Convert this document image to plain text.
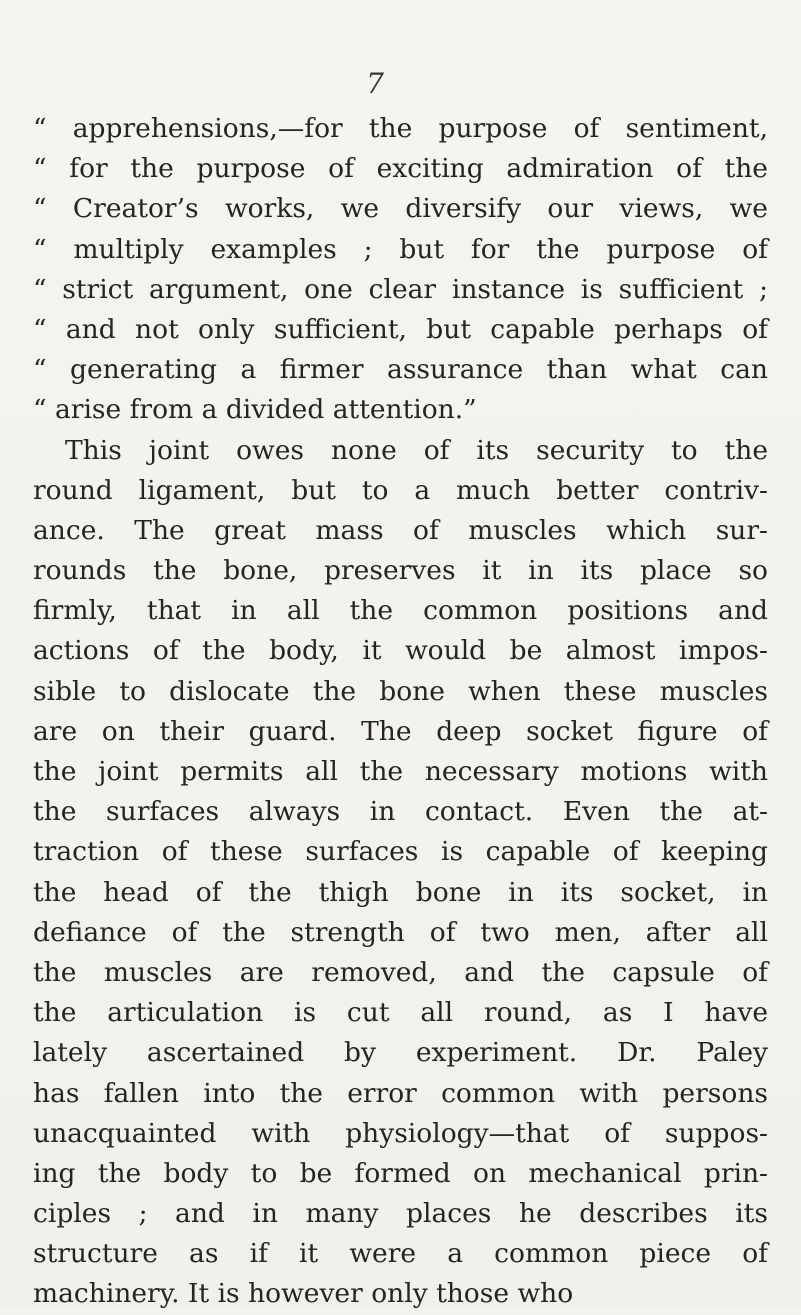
7
“ apprehensions,—for the purpose of sentiment,
“ for the purpose of exciting admiration of the
“ Creator’s works, we diversify our views, we
“ multiply examples ; but for the purpose of
“ strict argument, one clear instance is sufficient ;
“ and not only sufficient, but capable perhaps of
“ generating a firmer assurance than what can
“ arise from a divided attention.”
This joint owes none of its security to the
round ligament, but to a much better contriv-
ance. The great mass of muscles which sur-
rounds the bone, preserves it in its place so
firmly, that in all the common positions and
actions of the body, it would be almost impos-
sible to dislocate the bone when these muscles
are on their guard. The deep socket figure of
the joint permits all the necessary motions with
the surfaces always in contact. Even the at-
traction of these surfaces is capable of keeping
the head of the thigh bone in its socket, in
defiance of the strength of two men, after all
the muscles are removed, and the capsule of
the articulation is cut all round, as I have
lately ascertained by experiment. Dr. Paley
has fallen into the error common with persons
unacquainted with physiology—that of suppos-
ing the body to be formed on mechanical prin-
ciples ; and in many places he describes its
structure as if it were a common piece of
machinery. It is however only those who
